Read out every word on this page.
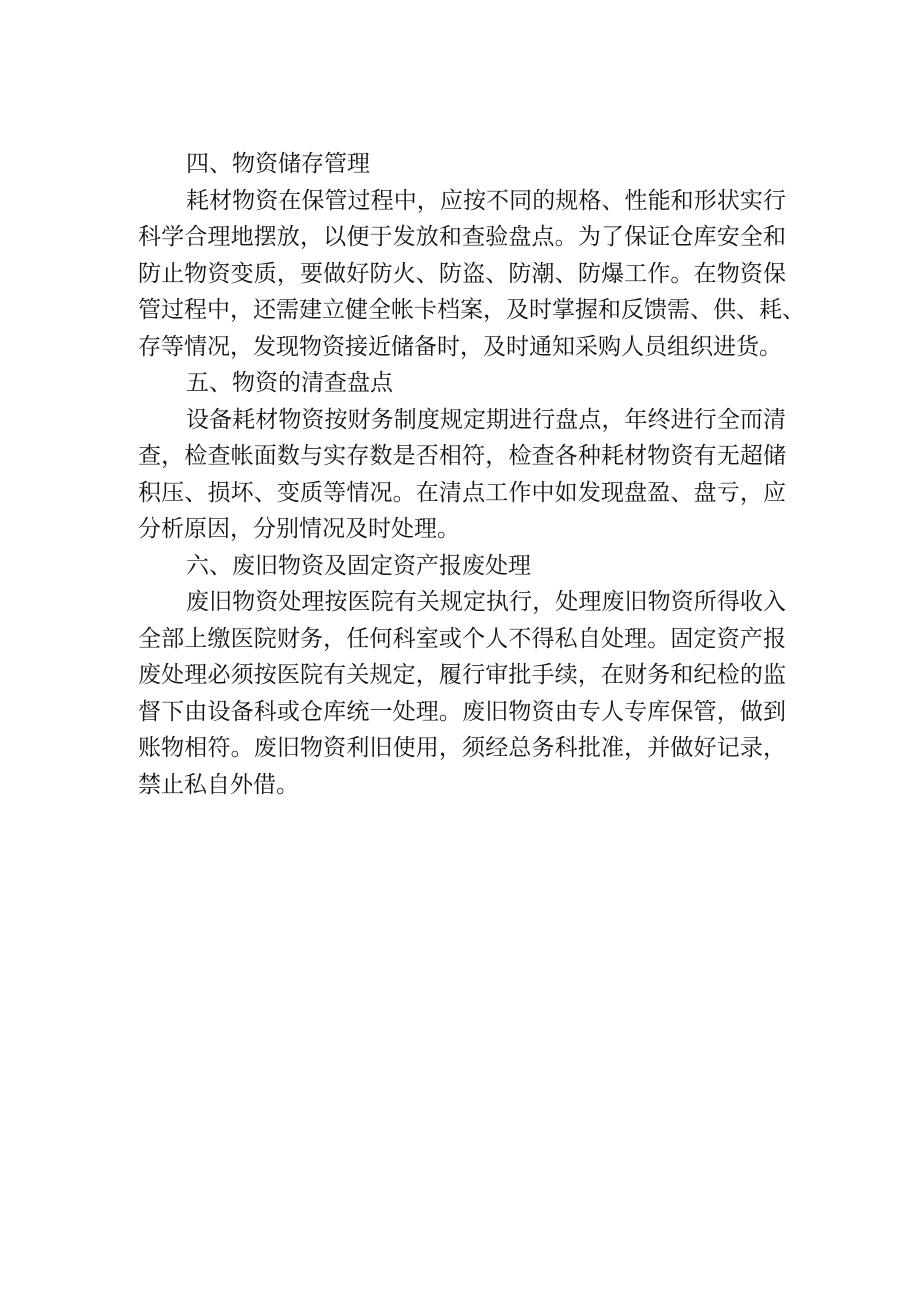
四、物资储存管理
耗材物资在保管过程中，应按不同的规格、性能和形状实行
科学合理地摆放，以便于发放和查验盘点。为了保证仓库安全和
防止物资变质，要做好防火、防盗、防潮、防爆工作。在物资保
管过程中，还需建立健全帐卡档案，及时掌握和反馈需、供、耗、
存等情况，发现物资接近储备时，及时通知采购人员组织进货。
五、物资的清查盘点
设备耗材物资按财务制度规定期进行盘点，年终进行全而清
查，检查帐面数与实存数是否相符，检查各种耗材物资有无超储
积压、损坏、变质等情况。在清点工作中如发现盘盈、盘亏，应
分析原因，分别情况及时处理。
六、废旧物资及固定资产报废处理
废旧物资处理按医院有关规定执行，处理废旧物资所得收入
全部上缴医院财务，任何科室或个人不得私自处理。固定资产报
废处理必须按医院有关规定，履行审批手续，在财务和纪检的监
督下由设备科或仓库统一处理。废旧物资由专人专库保管，做到
账物相符。废旧物资利旧使用，须经总务科批准，并做好记录，
禁止私自外借。
